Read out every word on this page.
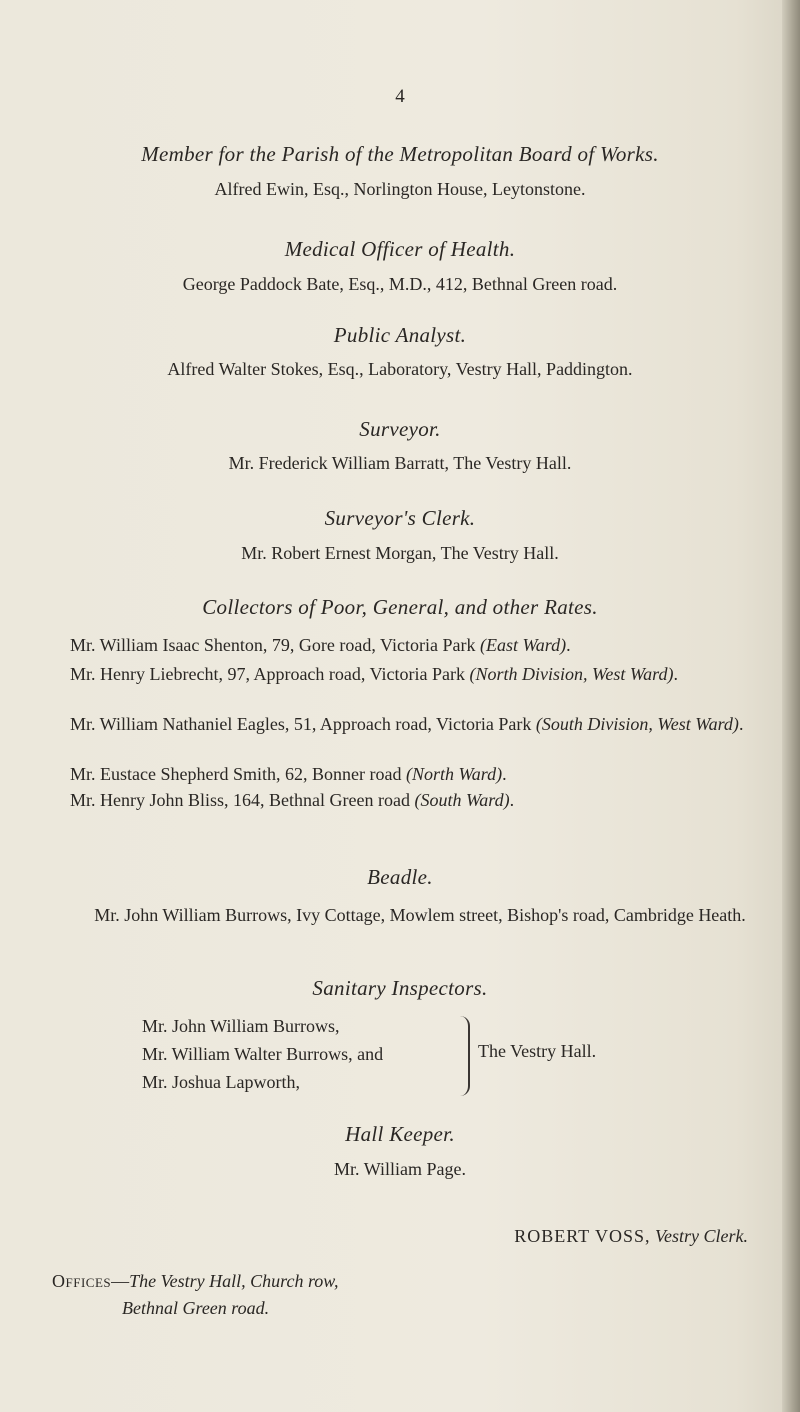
4
Member for the Parish of the Metropolitan Board of Works.
Alfred Ewin, Esq., Norlington House, Leytonstone.
Medical Officer of Health.
George Paddock Bate, Esq., M.D., 412, Bethnal Green road.
Public Analyst.
Alfred Walter Stokes, Esq., Laboratory, Vestry Hall, Paddington.
Surveyor.
Mr. Frederick William Barratt, The Vestry Hall.
Surveyor's Clerk.
Mr. Robert Ernest Morgan, The Vestry Hall.
Collectors of Poor, General, and other Rates.
Mr. William Isaac Shenton, 79, Gore road, Victoria Park (East Ward).
Mr. Henry Liebrecht, 97, Approach road, Victoria Park (North Division, West Ward).
Mr. William Nathaniel Eagles, 51, Approach road, Victoria Park (South Division, West Ward).
Mr. Eustace Shepherd Smith, 62, Bonner road (North Ward).
Mr. Henry John Bliss, 164, Bethnal Green road (South Ward).
Beadle.
Mr. John William Burrows, Ivy Cottage, Mowlem street, Bishop's road, Cambridge Heath.
Sanitary Inspectors.
Mr. John William Burrows,
Mr. William Walter Burrows, and
Mr. Joshua Lapworth,
The Vestry Hall.
Hall Keeper.
Mr. William Page.
ROBERT VOSS, Vestry Clerk.
Offices—The Vestry Hall, Church row,
Bethnal Green road.
